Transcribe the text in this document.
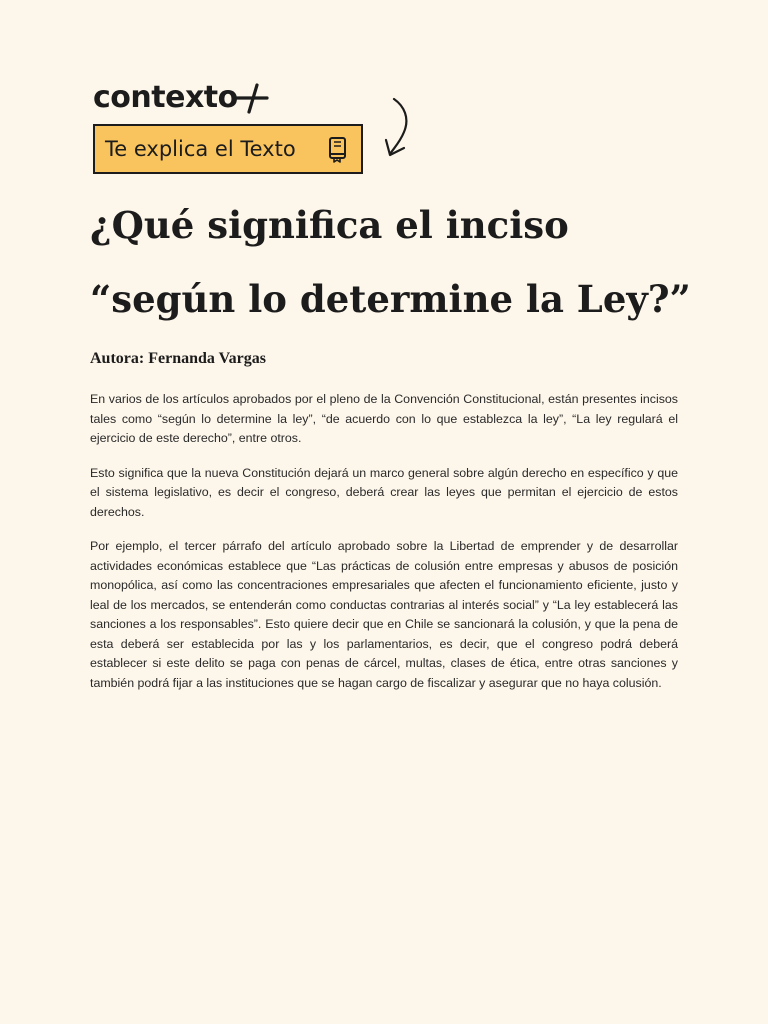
contexto
Te explica el Texto
¿Qué significa el inciso
“según lo determine la Ley?”
Autora: Fernanda Vargas

En varios de los artículos aprobados por el pleno de la Convención Constitucional, están presentes incisos tales como “según lo determine la ley”, “de acuerdo con lo que establezca la ley”, “La ley regulará el ejercicio de este derecho”, entre otros.

Esto significa que la nueva Constitución dejará un marco general sobre algún derecho en específico y que el sistema legislativo, es decir el congreso, deberá crear las leyes que permitan el ejercicio de estos derechos.

Por ejemplo, el tercer párrafo del artículo aprobado sobre la Libertad de emprender y de desarrollar actividades económicas establece que “Las prácticas de colusión entre empresas y abusos de posición monopólica, así como las concentraciones empresariales que afecten el funcionamiento eficiente, justo y leal de los mercados, se entenderán como conductas contrarias al interés social” y “La ley establecerá las sanciones a los responsables”. Esto quiere decir que en Chile se sancionará la colusión, y que la pena de esta deberá ser establecida por las y los parlamentarios, es decir, que el congreso podrá deberá establecer si este delito se paga con penas de cárcel, multas, clases de ética, entre otras sanciones y también podrá fijar a las instituciones que se hagan cargo de fiscalizar y asegurar que no haya colusión.
